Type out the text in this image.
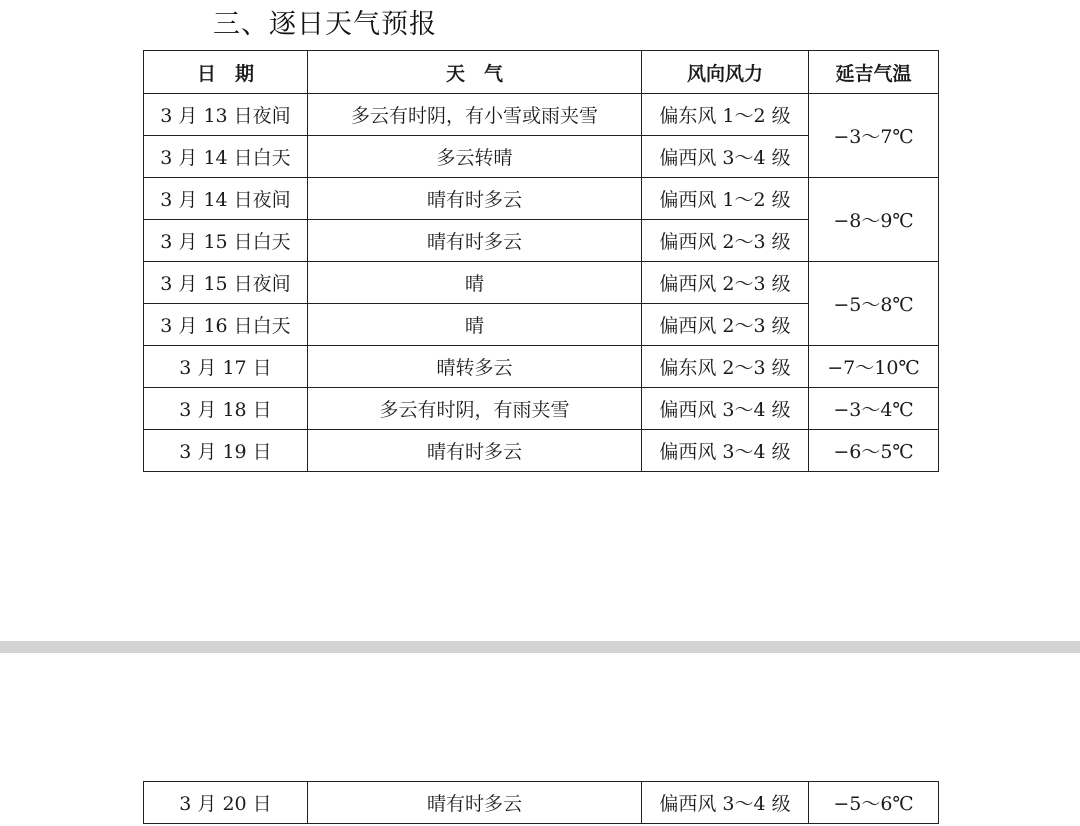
三、逐日天气预报
日　期	天　气	风向风力	延吉气温
3 月 13 日夜间	多云有时阴，有小雪或雨夹雪	偏东风 1～2 级	−3～7℃
3 月 14 日白天	多云转晴	偏西风 3～4 级	
3 月 14 日夜间	晴有时多云	偏西风 1～2 级	−8～9℃
3 月 15 日白天	晴有时多云	偏西风 2～3 级	
3 月 15 日夜间	晴	偏西风 2～3 级	−5～8℃
3 月 16 日白天	晴	偏西风 2～3 级	
3 月 17 日	晴转多云	偏东风 2～3 级	−7～10℃
3 月 18 日	多云有时阴，有雨夹雪	偏西风 3～4 级	−3～4℃
3 月 19 日	晴有时多云	偏西风 3～4 级	−6～5℃
3 月 20 日	晴有时多云	偏西风 3～4 级	−5～6℃
